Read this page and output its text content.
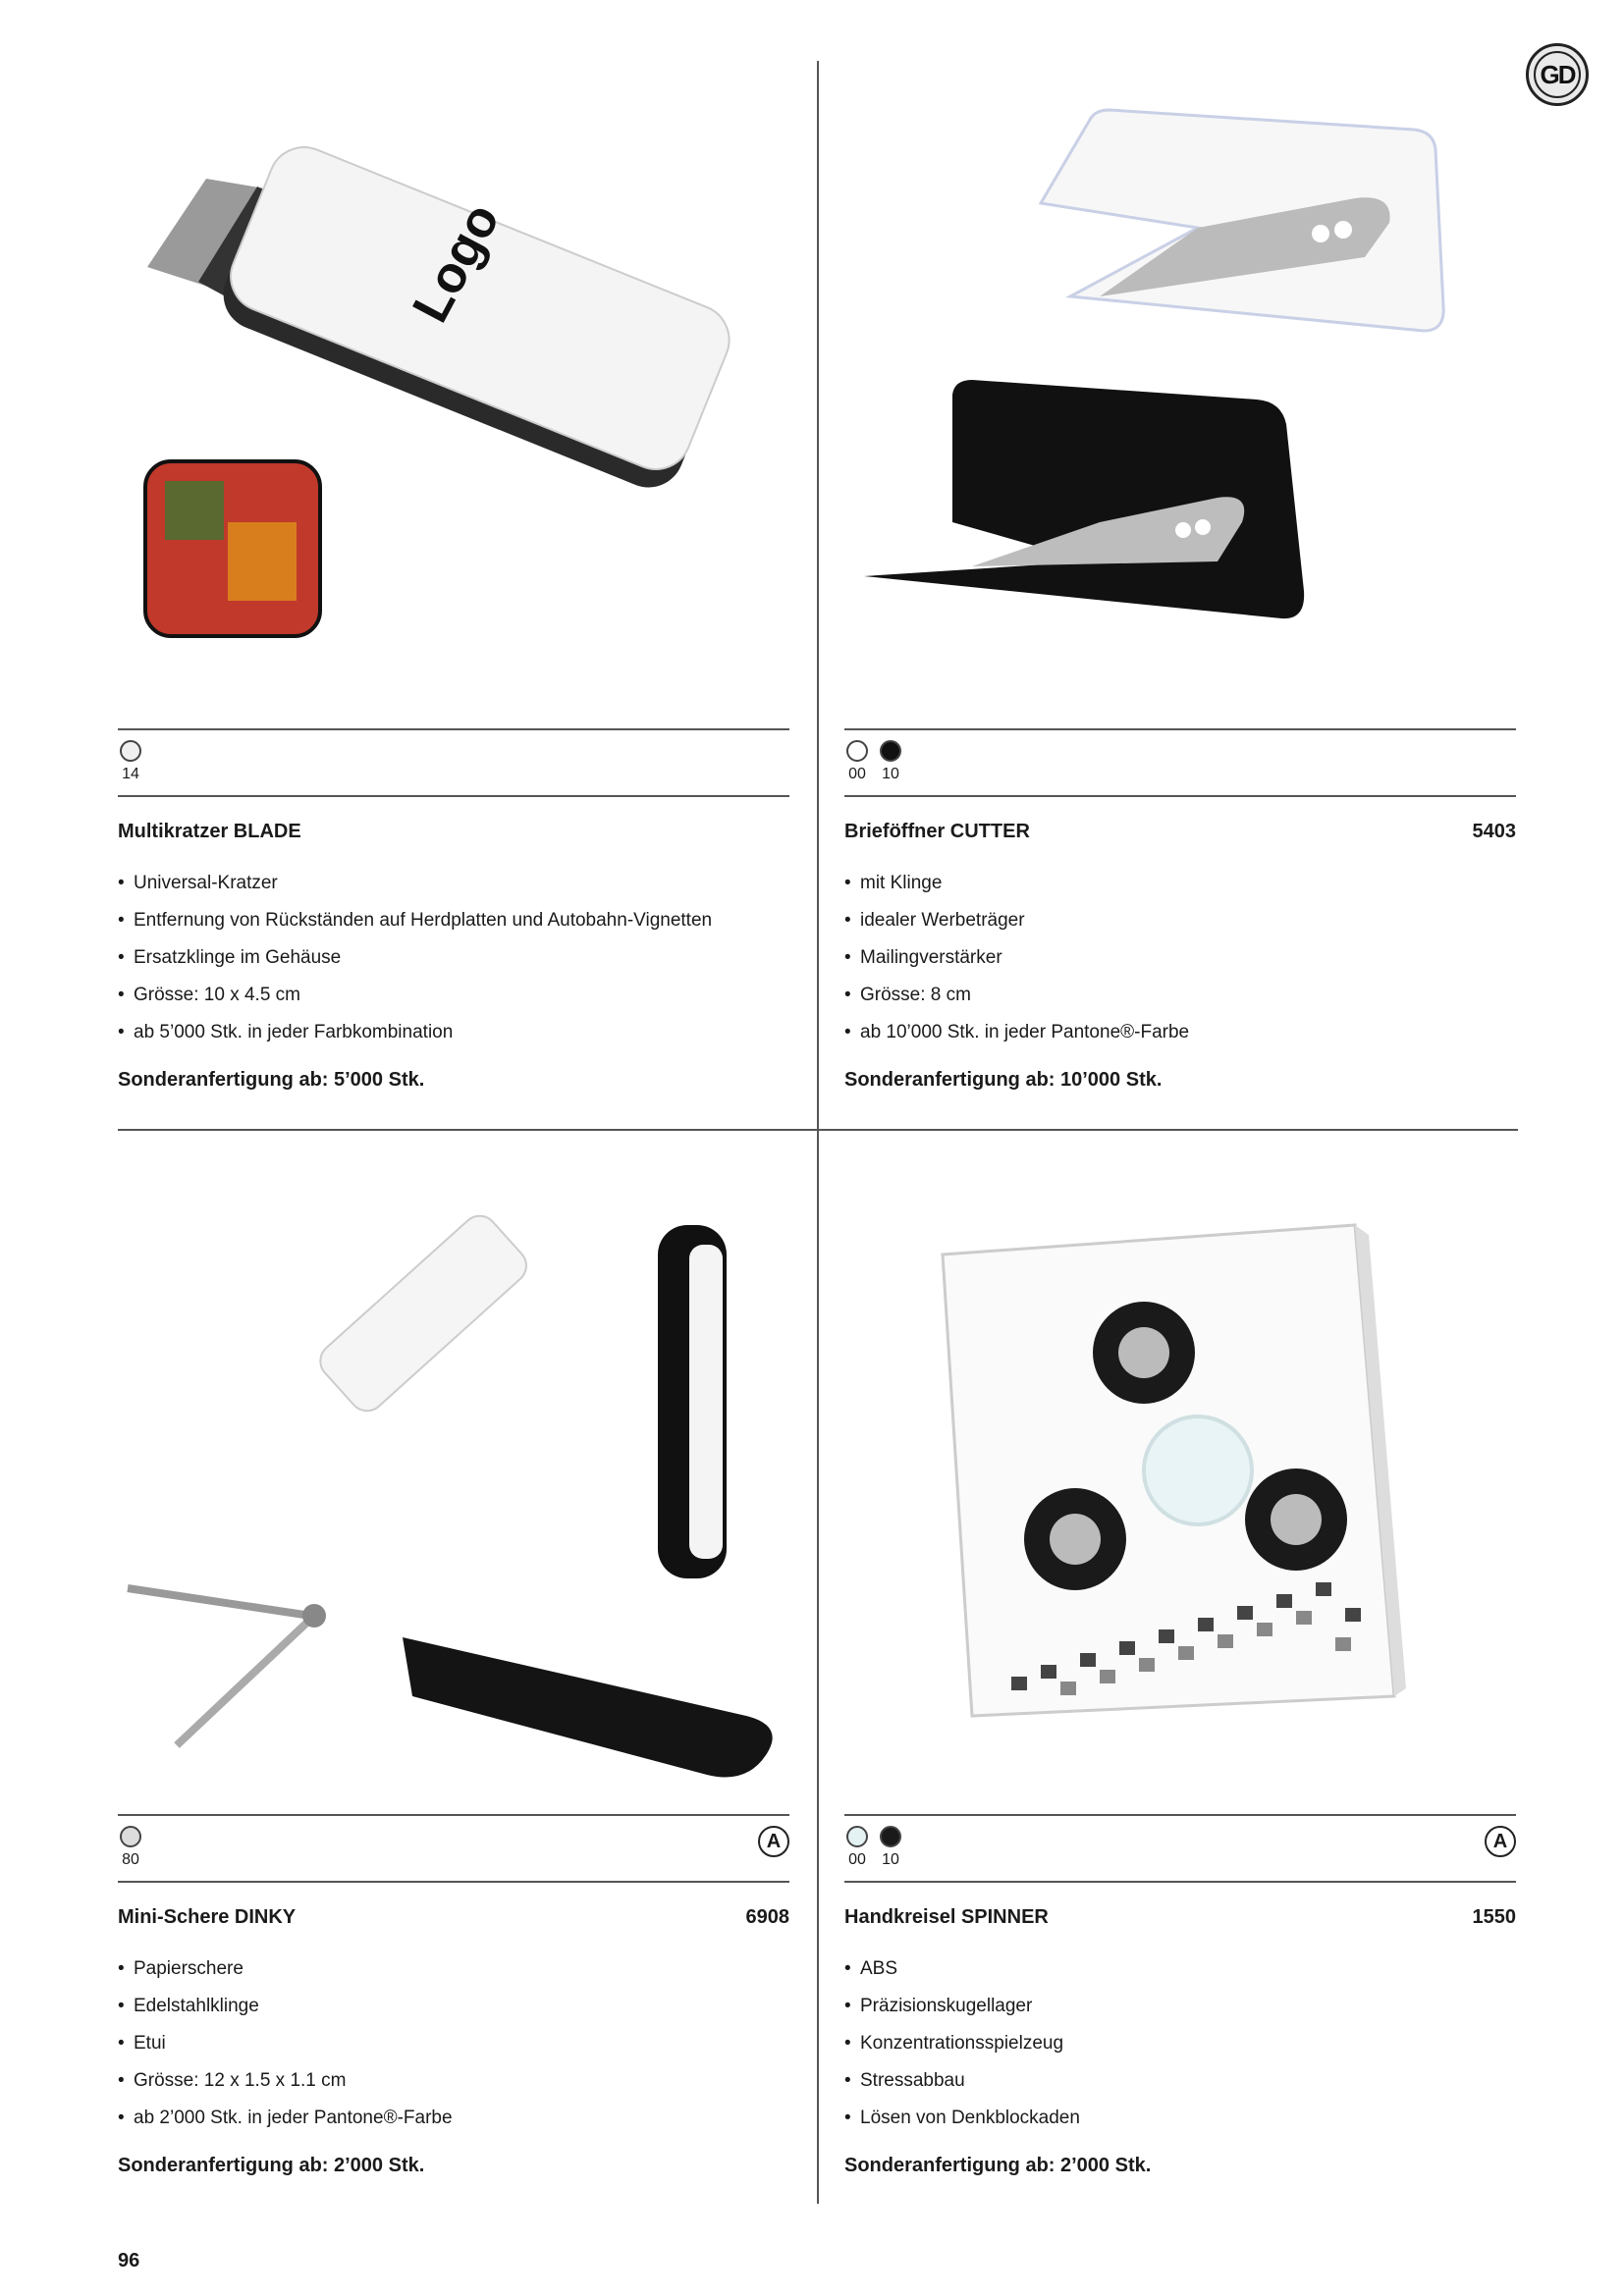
GD
Logo
14
Multikratzer BLADE
• Universal-Kratzer
• Entfernung von Rückständen auf Herdplatten und Autobahn-Vignetten
• Ersatzklinge im Gehäuse
• Grösse: 10 x 4.5 cm
• ab 5’000 Stk. in jeder Farbkombination
Sonderanfertigung ab: 5’000 Stk.
00 10
Brieföffner CUTTER	5403
• mit Klinge
• idealer Werbeträger
• Mailingverstärker
• Grösse: 8 cm
• ab 10’000 Stk. in jeder Pantone®-Farbe
Sonderanfertigung ab: 10’000 Stk.
80
A
Mini-Schere DINKY	6908
• Papierschere
• Edelstahlklinge
• Etui
• Grösse: 12 x 1.5 x 1.1 cm
• ab 2’000 Stk. in jeder Pantone®-Farbe
Sonderanfertigung ab: 2’000 Stk.
00 10
A
Handkreisel SPINNER	1550
• ABS
• Präzisionskugellager
• Konzentrationsspielzeug
• Stressabbau
• Lösen von Denkblockaden
Sonderanfertigung ab: 2’000 Stk.
96
